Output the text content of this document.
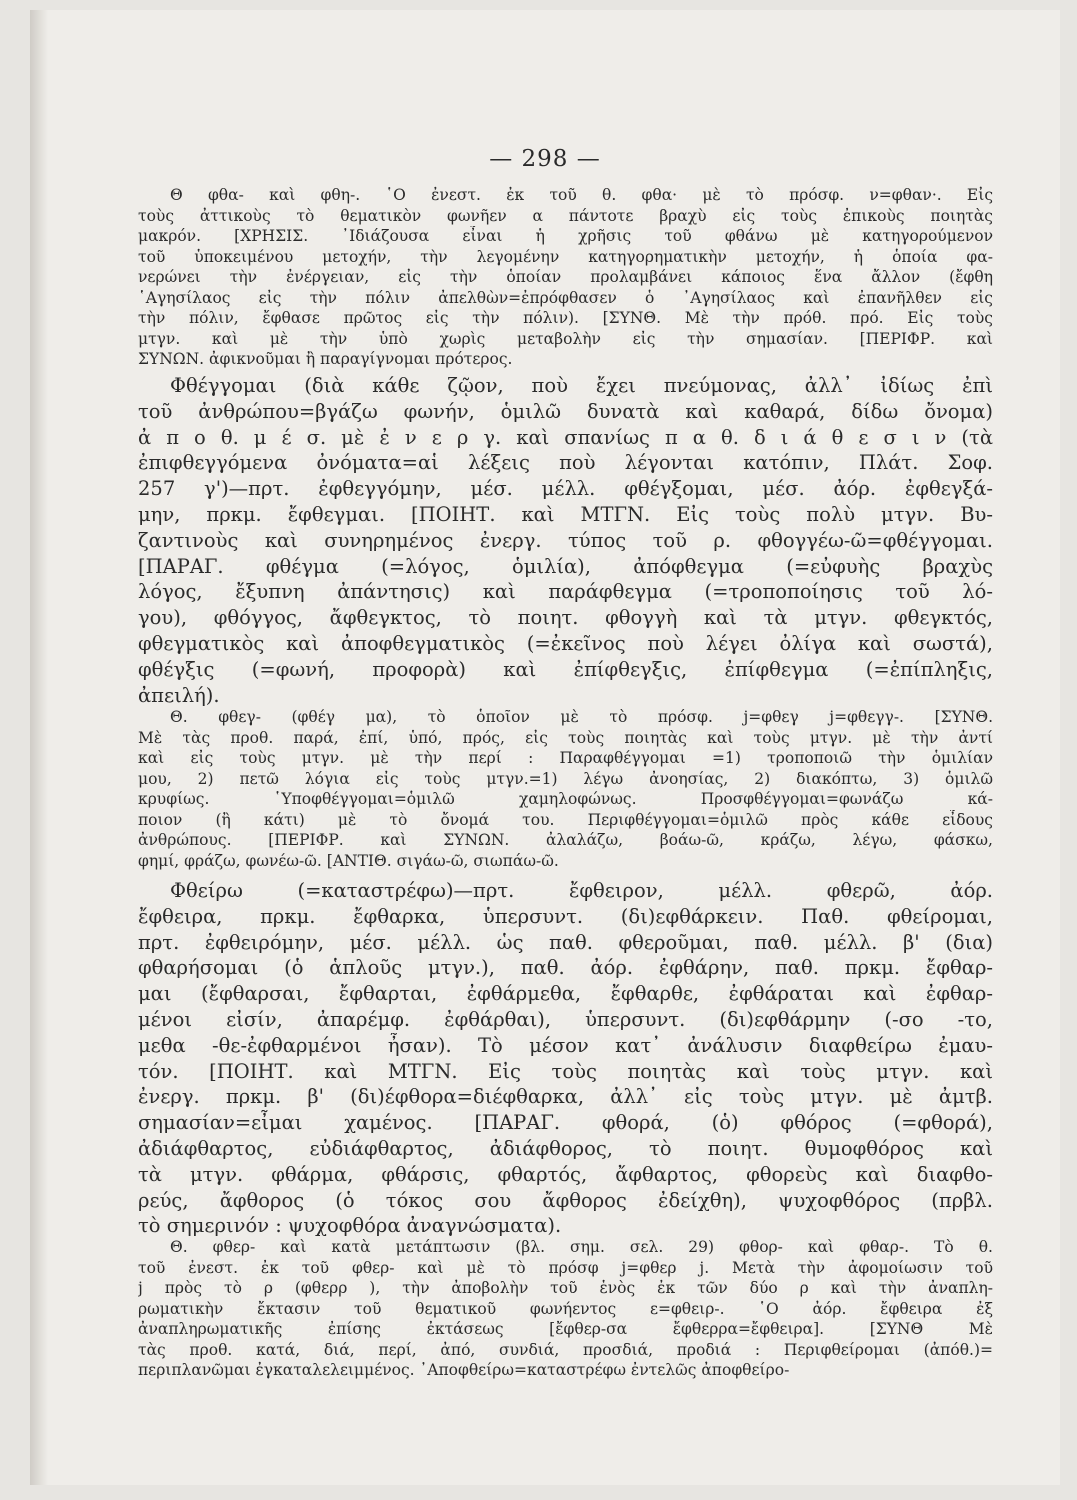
— 298 —
Θ φθα- καὶ φθη-. ῾Ο ἐνεστ. ἐκ τοῦ θ. φθα· μὲ τὸ πρόσφ. ν=φθαν·. Εἰς
τοὺς ἀττικοὺς τὸ θεματικὸν φωνῆεν α πάντοτε βραχὺ εἰς τοὺς ἐπικοὺς ποιητὰς
μακρόν. [ΧΡΗΣΙΣ. ᾿Ιδιάζουσα εἶναι ἡ χρῆσις τοῦ φθάνω μὲ κατηγορούμενον
τοῦ ὑποκειμένου μετοχήν, τὴν λεγομένην κατηγορηματικὴν μετοχήν, ἡ ὁποία φα-
νερώνει τὴν ἐνέργειαν, εἰς τὴν ὁποίαν προλαμβάνει κάποιος ἕνα ἄλλον (ἔφθη
῾Αγησίλαος εἰς τὴν πόλιν ἀπελθὼν=ἐπρόφθασεν ὁ ᾿Αγησίλαος καὶ ἐπανῆλθεν εἰς
τὴν πόλιν, ἔφθασε πρῶτος εἰς τὴν πόλιν). [ΣΥΝΘ. Μὲ τὴν πρόθ. πρό. Εἰς τοὺς
μτγν. καὶ μὲ τὴν ὑπὸ χωρὶς μεταβολὴν εἰς τὴν σημασίαν. [ΠΕΡΙΦΡ. καὶ
ΣΥΝΩΝ. ἀφικνοῦμαι ἢ παραγίγνομαι πρότερος.
Φθέγγομαι (διὰ κάθε ζῷον, ποὺ ἔχει πνεύμονας, ἀλλ᾿ ἰδίως ἐπὶ
τοῦ ἀνθρώπου=βγάζω φωνήν, ὁμιλῶ δυνατὰ καὶ καθαρά, δίδω ὄνομα)
ἀ π ο θ. μ έ σ. μὲ ἐ ν ε ρ γ. καὶ σπανίως π α θ. δ ι ά θ ε σ ι ν (τὰ
ἐπιφθεγγόμενα ὀνόματα=αἱ λέξεις ποὺ λέγονται κατόπιν, Πλάτ. Σοφ.
257 γ')—πρτ. ἐφθεγγόμην, μέσ. μέλλ. φθέγξομαι, μέσ. ἀόρ. ἐφθεγξά-
μην, πρκμ. ἔφθεγμαι. [ΠΟΙΗΤ. καὶ ΜΤΓΝ. Εἰς τοὺς πολὺ μτγν. Βυ-
ζαντινοὺς καὶ συνηρημένος ἐνεργ. τύπος τοῦ ρ. φθογγέω-ῶ=φθέγγομαι.
[ΠΑΡΑΓ. φθέγμα (=λόγος, ὁμιλία), ἀπόφθεγμα (=εὐφυὴς βραχὺς
λόγος, ἔξυπνη ἀπάντησις) καὶ παράφθεγμα (=τροποποίησις τοῦ λό-
γου), φθόγγος, ἄφθεγκτος, τὸ ποιητ. φθογγὴ καὶ τὰ μτγν. φθεγκτός,
φθεγματικὸς καὶ ἀποφθεγματικὸς (=ἐκεῖνος ποὺ λέγει ὀλίγα καὶ σωστά),
φθέγξις (=φωνή, προφορὰ) καὶ ἐπίφθεγξις, ἐπίφθεγμα (=ἐπίπληξις,
ἀπειλή).
Θ. φθεγ- (φθέγ μα), τὸ ὁποῖον μὲ τὸ πρόσφ. j=φθεγ j=φθεγγ-. [ΣΥΝΘ.
Μὲ τὰς προθ. παρά, ἐπί, ὑπό, πρός, εἰς τοὺς ποιητὰς καὶ τοὺς μτγν. μὲ τὴν ἀντί
καὶ εἰς τοὺς μτγν. μὲ τὴν περί : Παραφθέγγομαι =1) τροποποιῶ τὴν ὁμιλίαν
μου, 2) πετῶ λόγια εἰς τοὺς μτγν.=1) λέγω ἀνοησίας, 2) διακόπτω, 3) ὁμιλῶ
κρυφίως. ῾Υποφθέγγομαι=ὁμιλῶ χαμηλοφώνως. Προσφθέγγομαι=φωνάζω κά-
ποιον (ἢ κάτι) μὲ τὸ ὄνομά του. Περιφθέγγομαι=ὁμιλῶ πρὸς κάθε εἶδους
ἀνθρώπους. [ΠΕΡΙΦΡ. καὶ ΣΥΝΩΝ. ἀλαλάζω, βοάω-ῶ, κράζω, λέγω, φάσκω,
φημί, φράζω, φωνέω-ῶ. [ΑΝΤΙΘ. σιγάω-ῶ, σιωπάω-ῶ.
Φθείρω (=καταστρέφω)—πρτ. ἔφθειρον, μέλλ. φθερῶ, ἀόρ.
ἔφθειρα, πρκμ. ἔφθαρκα, ὑπερσυντ. (δι)εφθάρκειν. Παθ. φθείρομαι,
πρτ. ἐφθειρόμην, μέσ. μέλλ. ὡς παθ. φθεροῦμαι, παθ. μέλλ. β' (δια)
φθαρήσομαι (ὁ ἁπλοῦς μτγν.), παθ. ἀόρ. ἐφθάρην, παθ. πρκμ. ἔφθαρ-
μαι (ἔφθαρσαι, ἔφθαρται, ἐφθάρμεθα, ἔφθαρθε, ἐφθάραται καὶ ἐφθαρ-
μένοι εἰσίν, ἀπαρέμφ. ἐφθάρθαι), ὑπερσυντ. (δι)εφθάρμην (-σο -το,
μεθα -θε-ἐφθαρμένοι ἦσαν). Τὸ μέσον κατ᾿ ἀνάλυσιν διαφθείρω ἐμαυ-
τόν. [ΠΟΙΗΤ. καὶ ΜΤΓΝ. Εἰς τοὺς ποιητὰς καὶ τοὺς μτγν. καὶ
ἐνεργ. πρκμ. β' (δι)έφθορα=διέφθαρκα, ἀλλ᾿ εἰς τοὺς μτγν. μὲ ἀμτβ.
σημασίαν=εἶμαι χαμένος. [ΠΑΡΑΓ. φθορά, (ὁ) φθόρος (=φθορά),
ἀδιάφθαρτος, εὐδιάφθαρτος, ἀδιάφθορος, τὸ ποιητ. θυμοφθόρος καὶ
τὰ μτγν. φθάρμα, φθάρσις, φθαρτός, ἄφθαρτος, φθορεὺς καὶ διαφθο-
ρεύς, ἄφθορος (ὁ τόκος σου ἄφθορος ἐδείχθη), ψυχοφθόρος (πρβλ.
τὸ σημερινόν : ψυχοφθόρα ἀναγνώσματα).
Θ. φθερ- καὶ κατὰ μετάπτωσιν (βλ. σημ. σελ. 29) φθορ- καὶ φθαρ-. Τὸ θ.
τοῦ ἐνεστ. ἐκ τοῦ φθερ- καὶ μὲ τὸ πρόσφ j=φθερ j. Μετὰ τὴν ἀφομοίωσιν τοῦ
j πρὸς τὸ ρ (φθερρ ), τὴν ἀποβολὴν τοῦ ἑνὸς ἐκ τῶν δύο ρ καὶ τὴν ἀναπλη-
ρωματικὴν ἔκτασιν τοῦ θεματικοῦ φωνήεντος ε=φθειρ-. ῾Ο ἀόρ. ἔφθειρα ἐξ
ἀναπληρωματικῆς ἐπίσης ἐκτάσεως [ἔφθερ-σα ἔφθερρα=ἔφθειρα]. [ΣΥΝΘ Μὲ
τὰς προθ. κατά, διά, περί, ἀπό, συνδιά, προσδιά, προδιά : Περιφθείρομαι (ἀπόθ.)=
περιπλανῶμαι ἐγκαταλελειμμένος. ᾿Αποφθείρω=καταστρέφω ἐντελῶς ἀποφθείρο-
